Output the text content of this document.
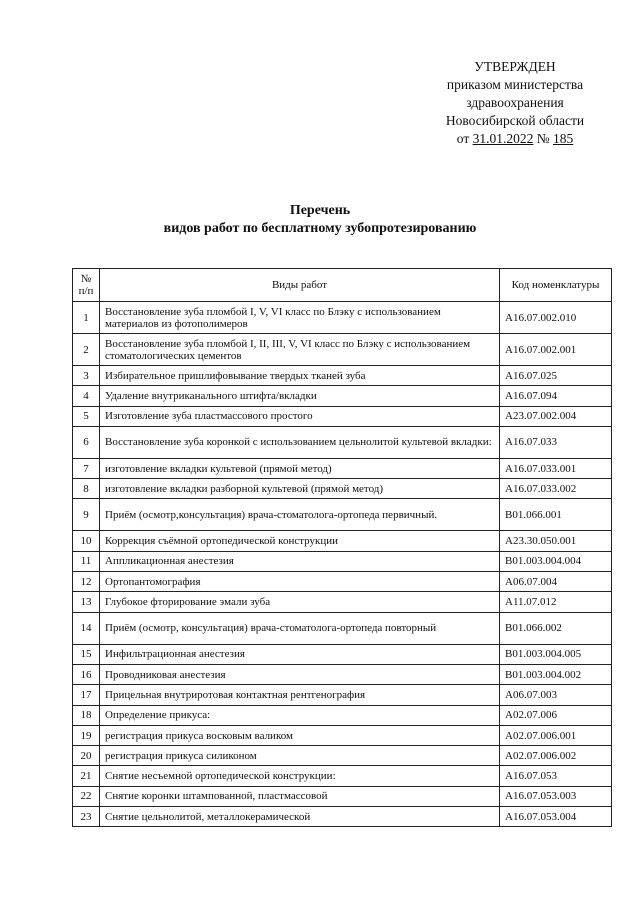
УТВЕРЖДЕН
приказом министерства
здравоохранения
Новосибирской области
от 31.01.2022 № 185
Перечень
видов работ по бесплатному зубопротезированию
№ п/п	Виды работ	Код номенклатуры
1	Восстановление зуба пломбой I, V, VI класс по Блэку с использованием материалов из фотополимеров	A16.07.002.010
2	Восстановление зуба пломбой I, II, III, V, VI класс по Блэку с использованием стоматологических цементов	A16.07.002.001
3	Избирательное пришлифовывание твердых тканей зуба	A16.07.025
4	Удаление внутриканального штифта/вкладки	A16.07.094
5	Изготовление зуба пластмассового простого	A23.07.002.004
6	Восстановление зуба коронкой с использованием цельнолитой культевой вкладки:	A16.07.033
7	изготовление вкладки культевой (прямой метод)	A16.07.033.001
8	изготовление вкладки разборной культевой (прямой метод)	A16.07.033.002
9	Приём (осмотр,консультация) врача-стоматолога-ортопеда первичный.	B01.066.001
10	Коррекция съёмной ортопедической конструкции	A23.30.050.001
11	Аппликационная анестезия	B01.003.004.004
12	Ортопантомография	A06.07.004
13	Глубокое фторирование эмали зуба	A11.07.012
14	Приём (осмотр, консультация) врача-стоматолога-ортопеда повторный	B01.066.002
15	Инфильтрационная анестезия	B01.003.004.005
16	Проводниковая анестезия	B01.003.004.002
17	Прицельная внутриротовая контактная рентгенография	A06.07.003
18	Определение прикуса:	A02.07.006
19	регистрация прикуса восковым валиком	A02.07.006.001
20	регистрация прикуса силиконом	A02.07.006.002
21	Снятие несъемной ортопедической конструкции:	A16.07.053
22	Снятие коронки штампованной, пластмассовой	A16.07.053.003
23	Снятие цельнолитой, металлокерамической	A16.07.053.004
